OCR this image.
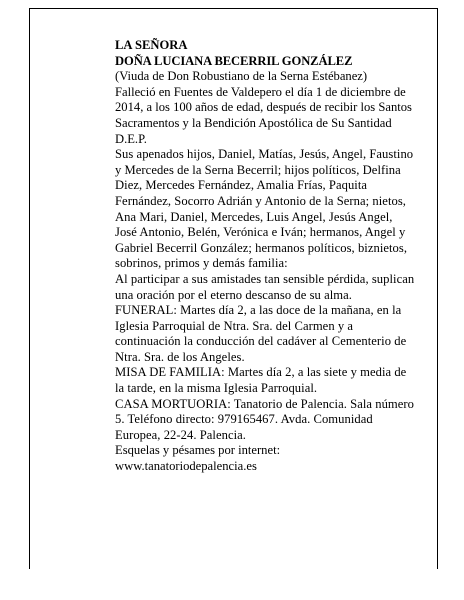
LA SEÑORA

DOÑA LUCIANA BECERRIL GONZÁLEZ

(Viuda de Don Robustiano de la Serna Estébanez)

Falleció en Fuentes de Valdepero el día 1 de diciembre de 2014, a los 100 años de edad, después de recibir los Santos Sacramentos y la Bendición Apostólica de Su Santidad

D.E.P.

Sus apenados hijos, Daniel, Matías, Jesús, Angel, Faustino y Mercedes de la Serna Becerril; hijos políticos, Delfina Diez, Mercedes Fernández, Amalia Frías, Paquita Fernández, Socorro Adrián y Antonio de la Serna; nietos, Ana Mari, Daniel, Mercedes, Luis Angel, Jesús Angel, José Antonio, Belén, Verónica e Iván; hermanos, Angel y Gabriel Becerril González; hermanos políticos, biznietos, sobrinos, primos y demás familia:

Al participar a sus amistades tan sensible pérdida, suplican una oración por el eterno descanso de su alma.

FUNERAL: Martes día 2, a las doce de la mañana, en la Iglesia Parroquial de Ntra. Sra. del Carmen y a continuación la conducción del cadáver al Cementerio de Ntra. Sra. de los Angeles.

MISA DE FAMILIA: Martes día 2, a las siete y media de la tarde, en la misma Iglesia Parroquial.

CASA MORTUORIA: Tanatorio de Palencia. Sala número 5. Teléfono directo: 979165467. Avda. Comunidad Europea, 22-24. Palencia.

Esquelas y pésames por internet:

www.tanatoriodepalencia.es
